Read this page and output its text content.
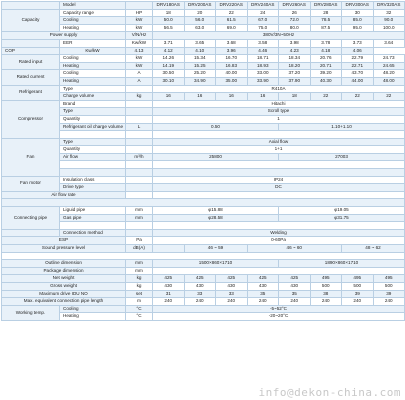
	Model		DRV180AS	DRV200AS	DRV220AS	DRV240AS	DRV260AS	DRV280AS	DRV300AS	DRV320AS
Capacity	Capacity range	HP	18	20	22	24	26	28	30	32
	Cooling	kW	50.0	56.0	61.5	67.0	72.0	78.5	85.0	90.0
	Heating	kW	56.5	63.0	69.0	75.0	80.0	87.5	95.0	100.0
Power supply		V/N/Hz	380V/3N~50Hz							
	EER	Kw/kW	3.71	3.65	3.68	3.58	3.98	3.78	3.73	3.64
COP	Kw/kW	4.13	4.12	4.10	3.96	4.46	4.23	4.18	4.06	
Rated input	Cooling	kW	14.26	15.34	16.70	18.71	18.34	20.76	22.79	24.73
	Heating	kW	14.19	15.25	16.83	18.93	18.20	20.71	22.71	24.65
Rated current	Cooling	A	30.50	25.20	40.00	33.00	37.20	39.20	43.70	48.20
	Heating	A	30.10	34.90	35.00	33.90	37.90	40.30	44.00	48.00
Refrigerant	Type		R410A							
	Charge volume	kg	16	16	16	16	18	22	22	22
Compressor	Brand		Hitachi							
	Type		Scroll type							
	Quantity		1							
	Refrigerant oil charge volume	L	0.50				1.10+1.10			

Fan	Type		Axial flow							
	Quantity		1+1							
	Air flow	m³/h	25800				27003			

Fan motor	Insulation class		IP24							
	Drive type		DC							
Air flow rate										

Connecting pipe	Liguid pipe	mm	φ15.88				φ19.05			
	Gas pipe	mm	φ28.58				φ31.75			

	Connection method		Welding							
ESP		Pa	0-60Pa							
Sound pressure level		dB(A)		46 ~ 59		46 ~ 60			48 ~ 62	

Outline dimension		mm	1500×860×1710				1890×860×1710			
Package dimension		mm								
Net weight		kg	425	425	425	425	425	495	495	495
Gross weight		kg	430	430	430	430	430	500	500	500
Maximum drive IDU NO		set	31	33	33	35	35	38	39	39
Max. equivalent connection pipe length		m	240	240	240	240	240	240	240	240
Working temp.	Cooling	°C	-5~52°C							
	Heating	°C	-20~20°C							
info@dekon-china.com
